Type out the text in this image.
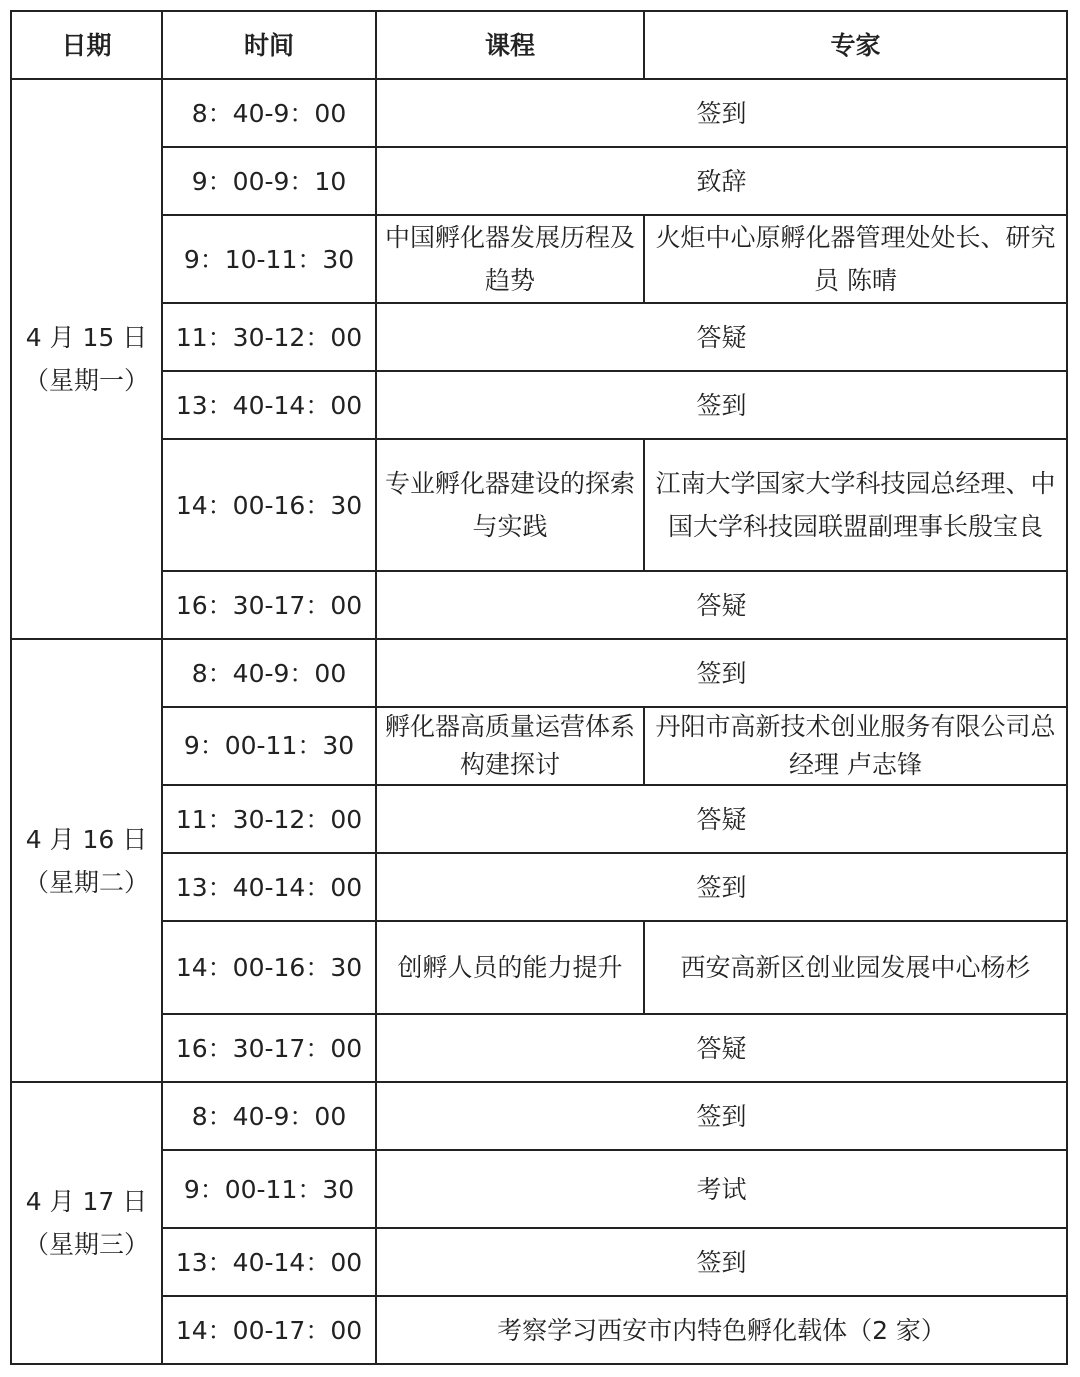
日期	时间	课程	专家

4 月 15 日
（星期一）	8：40-9：00	签到	
	9：00-9：10	致辞	
	9：10-11：30	中国孵化器发展历程及趋势	火炬中心原孵化器管理处处长、研究员 陈晴
	11：30-12：00	答疑	
	13：40-14：00	签到	
	14：00-16：30	专业孵化器建设的探索与实践	江南大学国家大学科技园总经理、中国大学科技园联盟副理事长殷宝良
	16：30-17：00	答疑	

4 月 16 日
（星期二）	8：40-9：00	签到	
	9：00-11：30	孵化器高质量运营体系构建探讨	丹阳市高新技术创业服务有限公司总经理 卢志锋
	11：30-12：00	答疑	
	13：40-14：00	签到	
	14：00-16：30	创孵人员的能力提升	西安高新区创业园发展中心杨杉
	16：30-17：00	答疑	

4 月 17 日
（星期三）	8：40-9：00	签到	
	9：00-11：30	考试	
	13：40-14：00	签到	
	14：00-17：00	考察学习西安市内特色孵化载体（2 家）	
